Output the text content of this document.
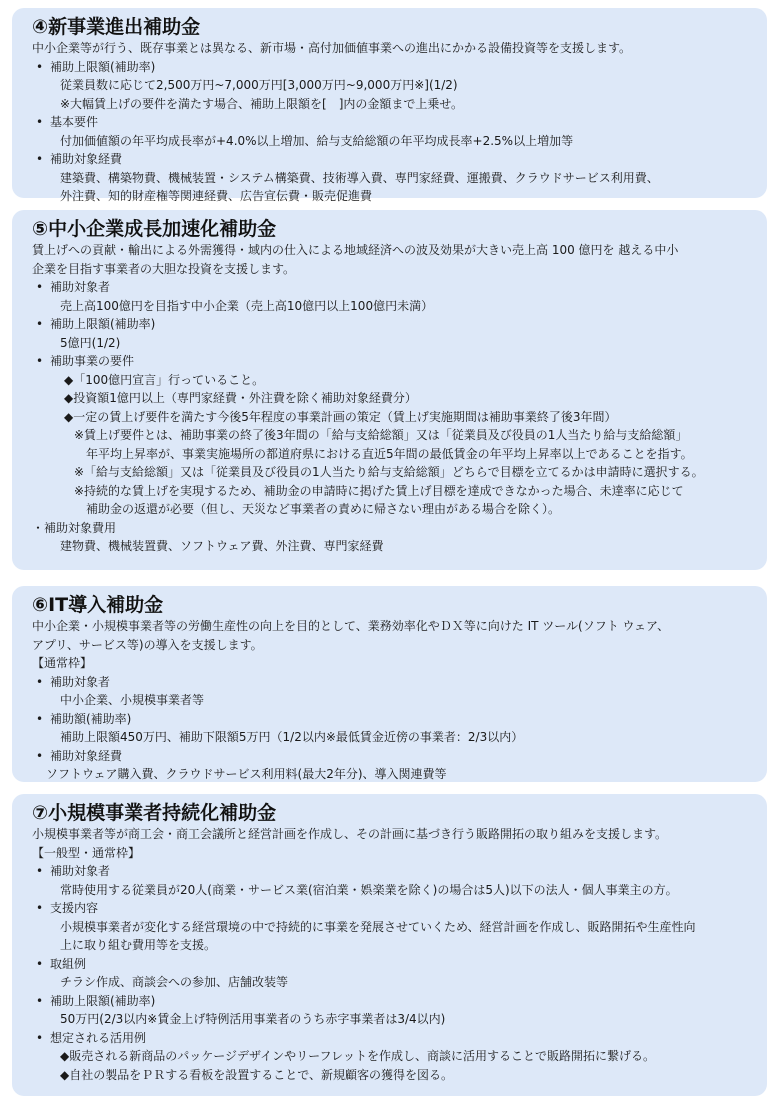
④新事業進出補助金

中小企業等が行う、既存事業とは異なる、新市場・高付加価値事業への進出にかかる設備投資等を支援します。

• 補助上限額(補助率)

従業員数に応じて2,500万円~7,000万円[3,000万円~9,000万円※](1/2)

※大幅賃上げの要件を満たす場合、補助上限額を[　]内の金額まで上乗せ。

• 基本要件

付加価値額の年平均成長率が+4.0%以上増加、給与支給総額の年平均成長率+2.5%以上増加等

• 補助対象経費

建築費、構築物費、機械装置・システム構築費、技術導入費、専門家経費、運搬費、クラウドサービス利用費、

外注費、知的財産権等関連経費、広告宣伝費・販売促進費

⑤中小企業成長加速化補助金

賃上げへの貢献・輸出による外需獲得・域内の仕入による地域経済への波及効果が大きい売上高 100 億円を 越える中小

企業を目指す事業者の大胆な投資を支援します。

• 補助対象者

売上高100億円を目指す中小企業（売上高10億円以上100億円未満）

• 補助上限額(補助率)

5億円(1/2)

• 補助事業の要件

◆「100億円宣言」行っていること。

◆投資額1億円以上（専門家経費・外注費を除く補助対象経費分）

◆一定の賃上げ要件を満たす今後5年程度の事業計画の策定（賃上げ実施期間は補助事業終了後3年間）

※賃上げ要件とは、補助事業の終了後3年間の「給与支給総額」又は「従業員及び役員の1人当たり給与支給総額」

年平均上昇率が、事業実施場所の都道府県における直近5年間の最低賃金の年平均上昇率以上であることを指す。

※「給与支給総額」又は「従業員及び役員の1人当たり給与支給総額」どちらで目標を立てるかは申請時に選択する。

※持続的な賃上げを実現するため、補助金の申請時に掲げた賃上げ目標を達成できなかった場合、未達率に応じて

補助金の返還が必要（但し、天災など事業者の責めに帰さない理由がある場合を除く）。

・補助対象費用

建物費、機械装置費、ソフトウェア費、外注費、専門家経費

⑥IT導入補助金

中小企業・小規模事業者等の労働生産性の向上を目的として、業務効率化やＤＸ等に向けた IT ツール(ソフト ウェア、

アプリ、サービス等)の導入を支援します。

【通常枠】

• 補助対象者

中小企業、小規模事業者等

• 補助額(補助率)

補助上限額450万円、補助下限額5万円（1/2以内※最低賃金近傍の事業者：2/3以内）

• 補助対象経費

ソフトウェア購入費、クラウドサービス利用料(最大2年分)、導入関連費等

⑦小規模事業者持続化補助金

小規模事業者等が商工会・商工会議所と経営計画を作成し、その計画に基づき行う販路開拓の取り組みを支援します。

【一般型・通常枠】

• 補助対象者

常時使用する従業員が20人(商業・サービス業(宿泊業・娯楽業を除く)の場合は5人)以下の法人・個人事業主の方。

• 支援内容

小規模事業者が変化する経営環境の中で持続的に事業を発展させていくため、経営計画を作成し、販路開拓や生産性向

上に取り組む費用等を支援。

• 取組例

チラシ作成、商談会への参加、店舗改装等

• 補助上限額(補助率)

50万円(2/3以内※賃金上げ特例活用事業者のうち赤字事業者は3/4以内)

• 想定される活用例

◆販売される新商品のパッケージデザインやリーフレットを作成し、商談に活用することで販路開拓に繋げる。

◆自社の製品をＰＲする看板を設置することで、新規顧客の獲得を図る。
